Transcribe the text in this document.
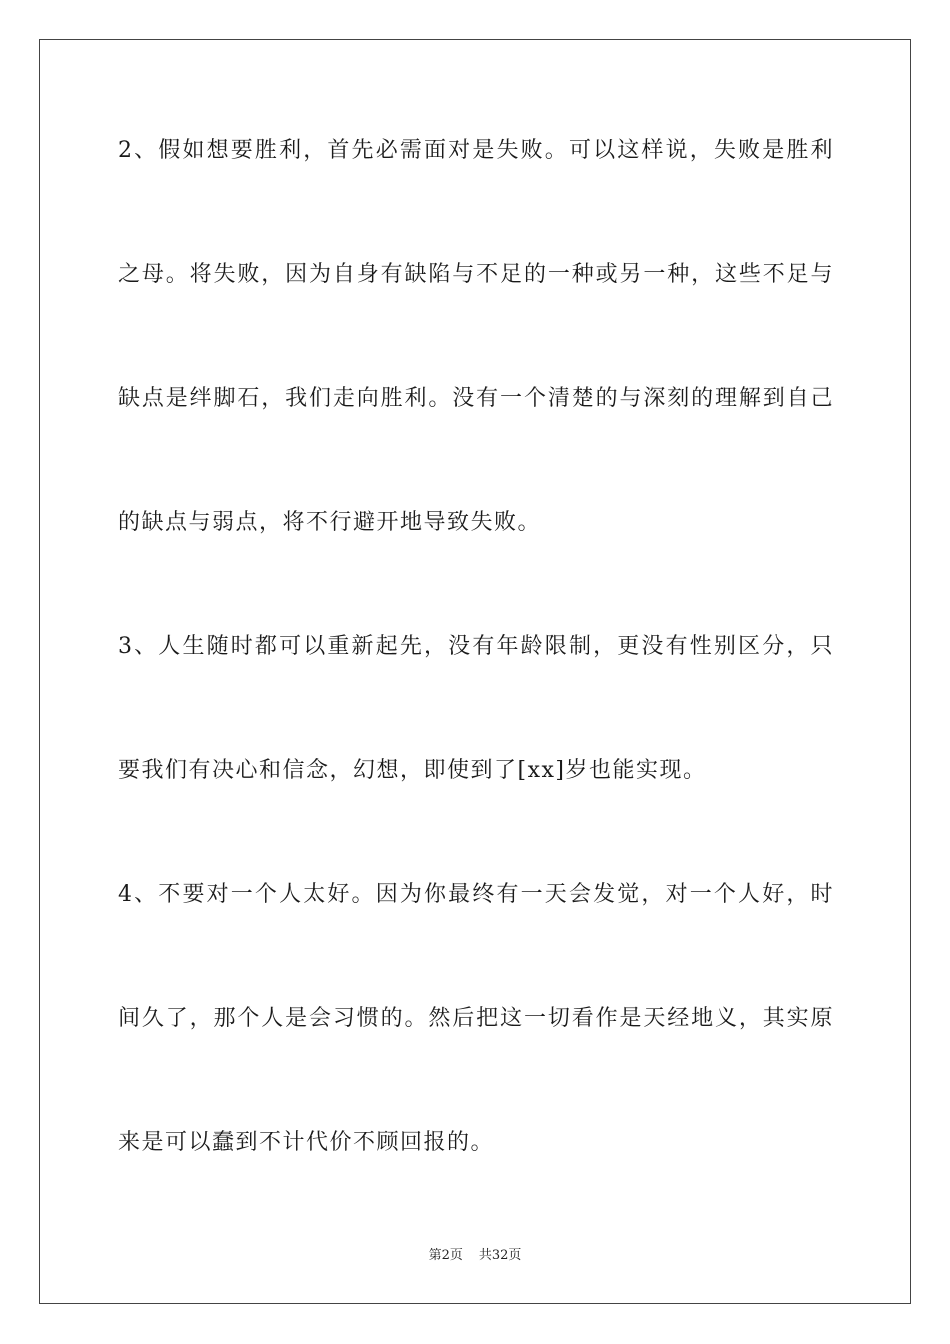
2、假如想要胜利，首先必需面对是失败。可以这样说，失败是胜利
之母。将失败，因为自身有缺陷与不足的一种或另一种，这些不足与
缺点是绊脚石，我们走向胜利。没有一个清楚的与深刻的理解到自己
的缺点与弱点，将不行避开地导致失败。
3、人生随时都可以重新起先，没有年龄限制，更没有性别区分，只
要我们有决心和信念，幻想，即使到了[xx]岁也能实现。
4、不要对一个人太好。因为你最终有一天会发觉，对一个人好，时
间久了，那个人是会习惯的。然后把这一切看作是天经地义，其实原
来是可以蠢到不计代价不顾回报的。
第2页 共32页
